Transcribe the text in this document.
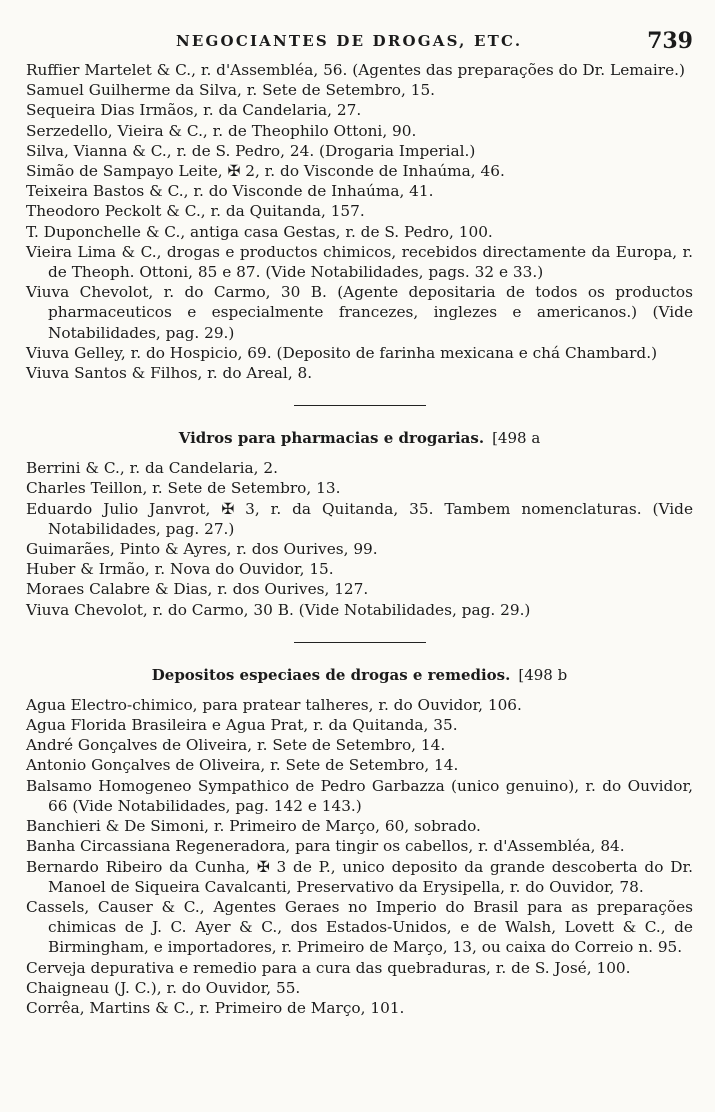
NEGOCIANTES DE DROGAS, ETC.	739

Ruffier Martelet & C., r. d'Assembléa, 56. (Agentes das preparações do Dr. Lemaire.)

Samuel Guilherme da Silva, r. Sete de Setembro, 15.

Sequeira Dias Irmãos, r. da Candelaria, 27.

Serzedello, Vieira & C., r. de Theophilo Ottoni, 90.

Silva, Vianna & C., r. de S. Pedro, 24. (Drogaria Imperial.)

Simão de Sampayo Leite, ✠ 2, r. do Visconde de Inhaúma, 46.

Teixeira Bastos & C., r. do Visconde de Inhaúma, 41.

Theodoro Peckolt & C., r. da Quitanda, 157.

T. Duponchelle & C., antiga casa Gestas, r. de S. Pedro, 100.

Vieira Lima & C., drogas e productos chimicos, recebidos directamente da Europa, r. de Theoph. Ottoni, 85 e 87. (Vide Notabilidades, pags. 32 e 33.)

Viuva Chevolot, r. do Carmo, 30 B. (Agente depositaria de todos os productos pharmaceuticos e especialmente francezes, inglezes e americanos.) (Vide Notabilidades, pag. 29.)

Viuva Gelley, r. do Hospicio, 69. (Deposito de farinha mexicana e chá Chambard.)

Viuva Santos & Filhos, r. do Areal, 8.

Vidros para pharmacias e drogarias. [498 a

Berrini & C., r. da Candelaria, 2.

Charles Teillon, r. Sete de Setembro, 13.

Eduardo Julio Janvrot, ✠ 3, r. da Quitanda, 35. Tambem nomenclaturas. (Vide Notabilidades, pag. 27.)

Guimarães, Pinto & Ayres, r. dos Ourives, 99.

Huber & Irmão, r. Nova do Ouvidor, 15.

Moraes Calabre & Dias, r. dos Ourives, 127.

Viuva Chevolot, r. do Carmo, 30 B. (Vide Notabilidades, pag. 29.)

Depositos especiaes de drogas e remedios. [498 b

Agua Electro-chimico, para pratear talheres, r. do Ouvidor, 106.

Agua Florida Brasileira e Agua Prat, r. da Quitanda, 35.

André Gonçalves de Oliveira, r. Sete de Setembro, 14.

Antonio Gonçalves de Oliveira, r. Sete de Setembro, 14.

Balsamo Homogeneo Sympathico de Pedro Garbazza (unico genuino), r. do Ouvidor, 66 (Vide Notabilidades, pag. 142 e 143.)

Banchieri & De Simoni, r. Primeiro de Março, 60, sobrado.

Banha Circassiana Regeneradora, para tingir os cabellos, r. d'Assembléa, 84.

Bernardo Ribeiro da Cunha, ✠ 3 de P., unico deposito da grande descoberta do Dr. Manoel de Siqueira Cavalcanti, Preservativo da Erysipella, r. do Ouvidor, 78.

Cassels, Causer & C., Agentes Geraes no Imperio do Brasil para as preparações chimicas de J. C. Ayer & C., dos Estados-Unidos, e de Walsh, Lovett & C., de Birmingham, e importadores, r. Primeiro de Março, 13, ou caixa do Correio n. 95.

Cerveja depurativa e remedio para a cura das quebraduras, r. de S. José, 100.

Chaigneau (J. C.), r. do Ouvidor, 55.

Corrêa, Martins & C., r. Primeiro de Março, 101.
